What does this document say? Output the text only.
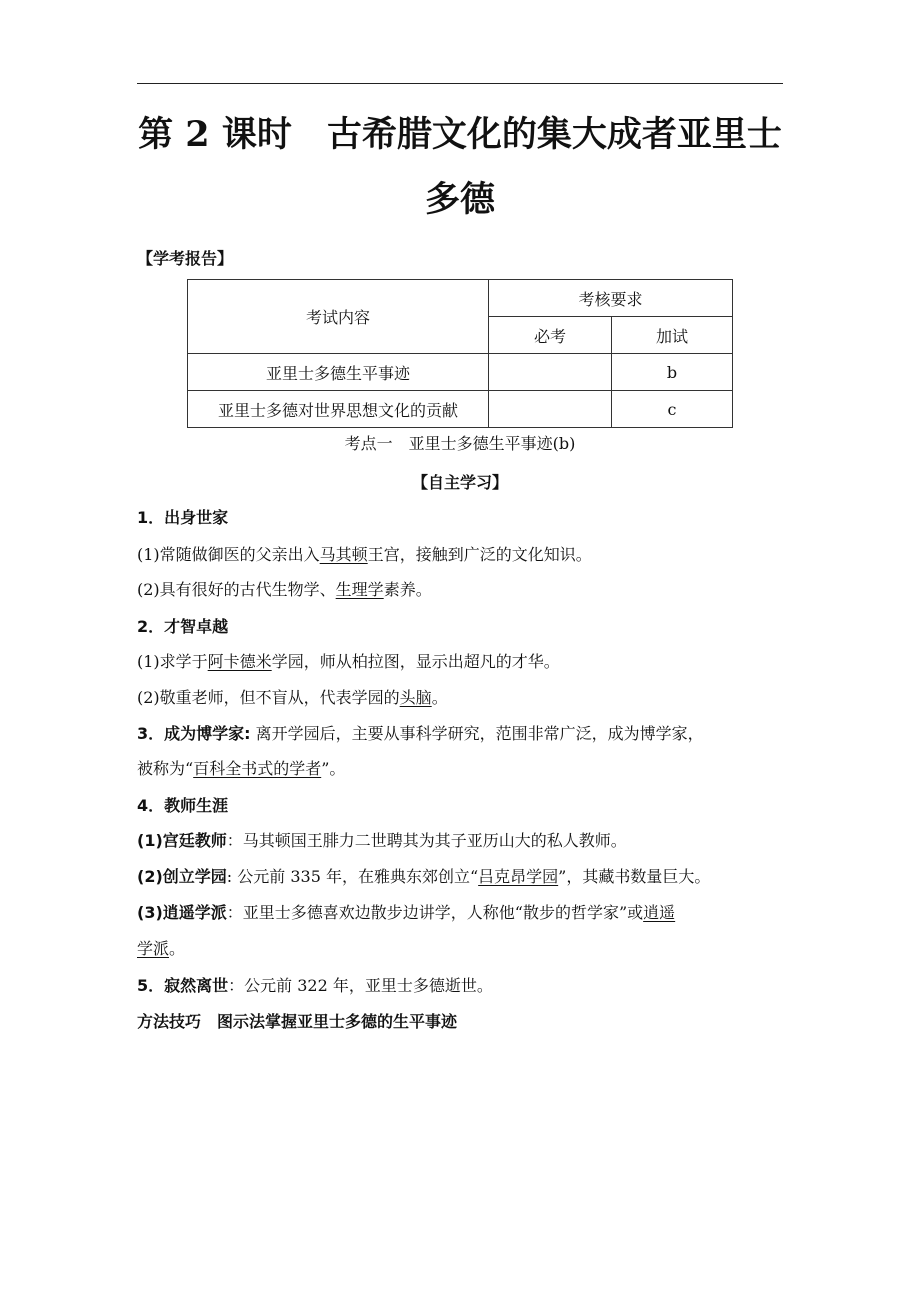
第 2 课时　古希腊文化的集大成者亚里士
多德
【学考报告】
考试内容	考核要求	
	必考	加试
亚里士多德生平事迹		b
亚里士多德对世界思想文化的贡献		c
考点一　亚里士多德生平事迹(b)
【自主学习】
1．出身世家
(1)常随做御医的父亲出入马其顿王宫，接触到广泛的文化知识。
(2)具有很好的古代生物学、生理学素养。
2．才智卓越
(1)求学于阿卡德米学园，师从柏拉图，显示出超凡的才华。
(2)敬重老师，但不盲从，代表学园的头脑。
3．成为博学家: 离开学园后，主要从事科学研究，范围非常广泛，成为博学家，
被称为“百科全书式的学者”。
4．教师生涯
(1)宫廷教师：马其顿国王腓力二世聘其为其子亚历山大的私人教师。
(2)创立学园: 公元前 335 年，在雅典东郊创立“吕克昂学园”，其藏书数量巨大。
(3)逍遥学派：亚里士多德喜欢边散步边讲学，人称他“散步的哲学家”或逍遥
学派。
5．寂然离世：公元前 322 年，亚里士多德逝世。
方法技巧　图示法掌握亚里士多德的生平事迹
